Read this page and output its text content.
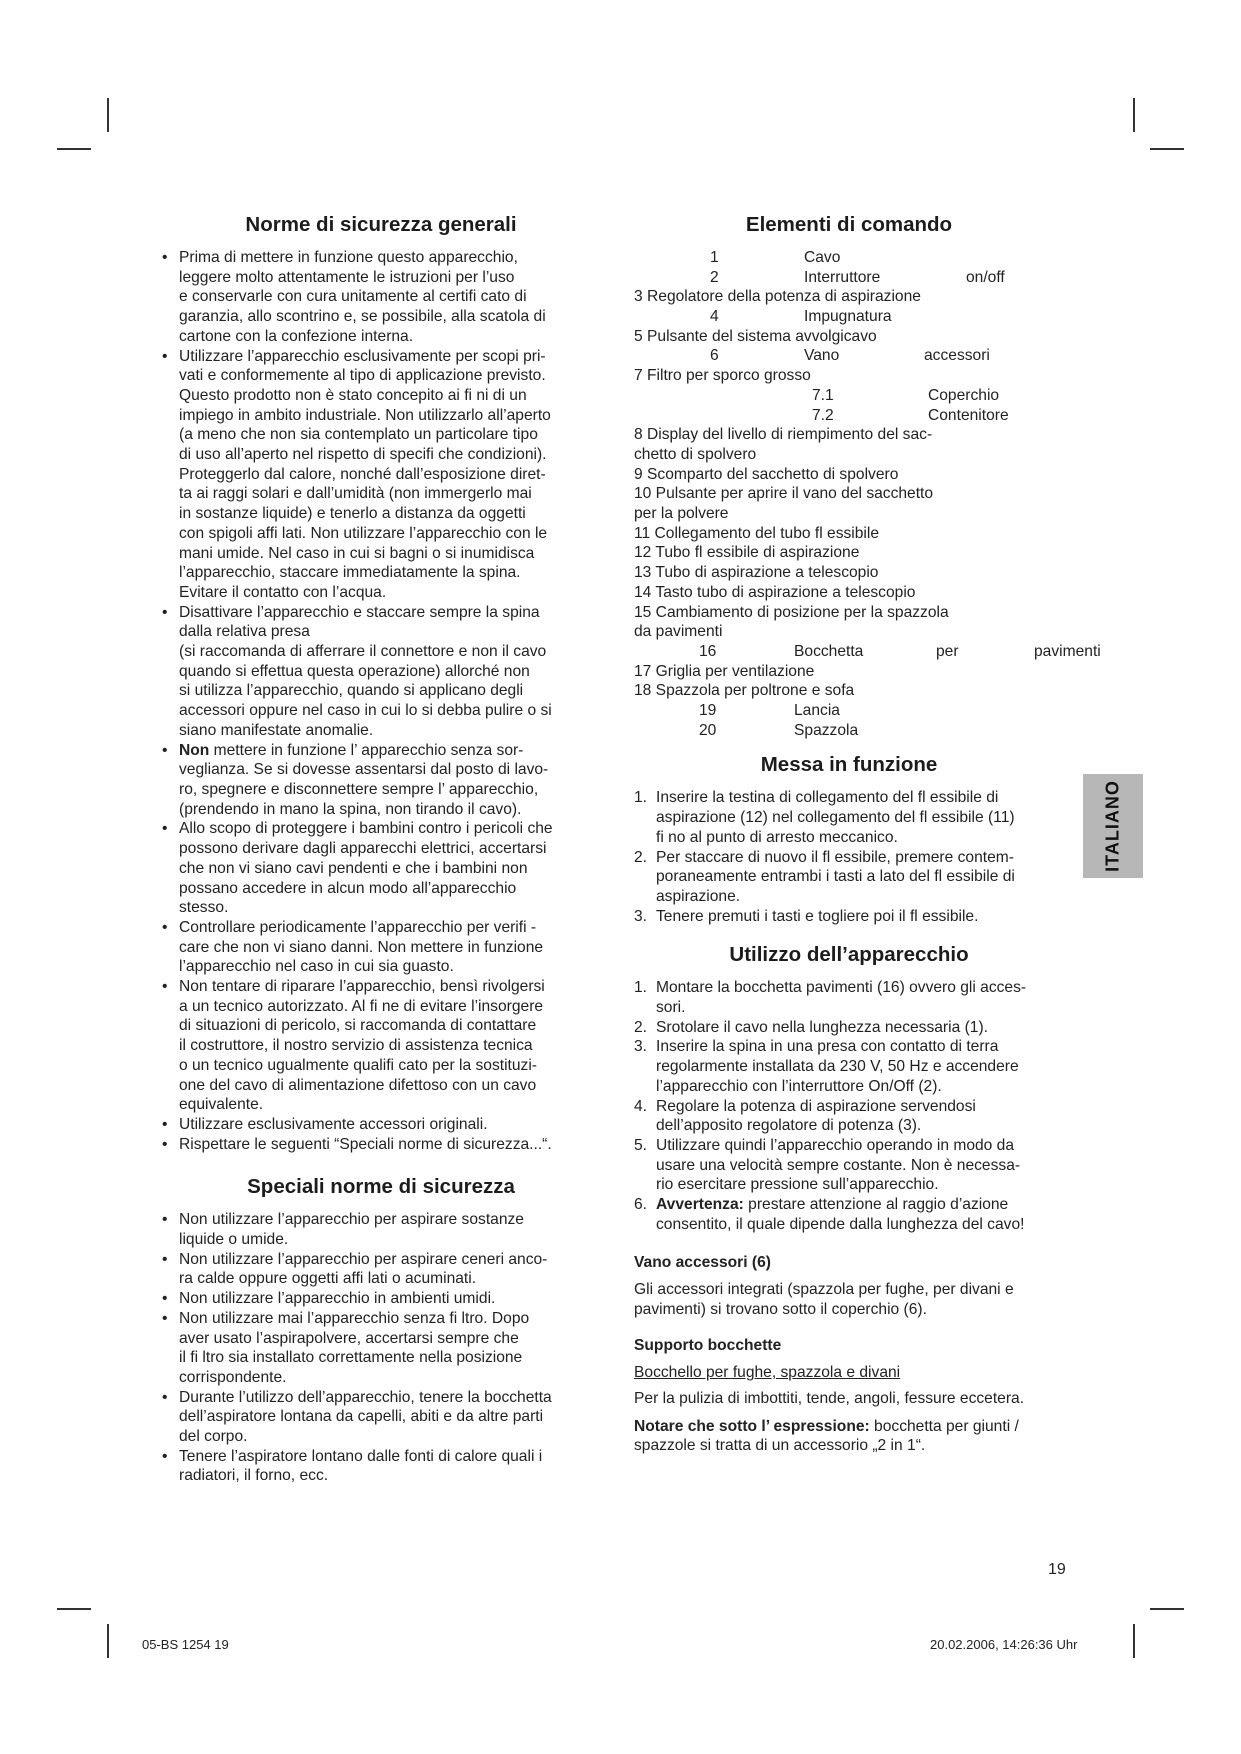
Norme di sicurezza generali
• Prima di mettere in funzione questo apparecchio,
leggere molto attentamente le istruzioni per l’uso
e conservarle con cura unitamente al certifi cato di
garanzia, allo scontrino e, se possibile, alla scatola di
cartone con la confezione interna.
• Utilizzare l’apparecchio esclusivamente per scopi pri-
vati e conformemente al tipo di applicazione previsto.
Questo prodotto non è stato concepito ai fi ni di un
impiego in ambito industriale. Non utilizzarlo all’aperto
(a meno che non sia contemplato un particolare tipo
di uso all’aperto nel rispetto di specifi che condizioni).
Proteggerlo dal calore, nonché dall’esposizione diret-
ta ai raggi solari e dall’umidità (non immergerlo mai
in sostanze liquide) e tenerlo a distanza da oggetti
con spigoli affi lati. Non utilizzare l’apparecchio con le
mani umide. Nel caso in cui si bagni o si inumidisca
l’apparecchio, staccare immediatamente la spina.
Evitare il contatto con l’acqua.
• Disattivare l’apparecchio e staccare sempre la spina
dalla relativa presa
(si raccomanda di afferrare il connettore e non il cavo
quando si effettua questa operazione) allorché non
si utilizza l’apparecchio, quando si applicano degli
accessori oppure nel caso in cui lo si debba pulire o si
siano manifestate anomalie.
• Non mettere in funzione l’ apparecchio senza sor-
veglianza. Se si dovesse assentarsi dal posto di lavo-
ro, spegnere e disconnettere sempre l’ apparecchio,
(prendendo in mano la spina, non tirando il cavo).
• Allo scopo di proteggere i bambini contro i pericoli che
possono derivare dagli apparecchi elettrici, accertarsi
che non vi siano cavi pendenti e che i bambini non
possano accedere in alcun modo all’apparecchio
stesso.
• Controllare periodicamente l’apparecchio per verifi -
care che non vi siano danni. Non mettere in funzione
l’apparecchio nel caso in cui sia guasto.
• Non tentare di riparare l’apparecchio, bensì rivolgersi
a un tecnico autorizzato. Al fi ne di evitare l’insorgere
di situazioni di pericolo, si raccomanda di contattare
il costruttore, il nostro servizio di assistenza tecnica
o un tecnico ugualmente qualifi cato per la sostituzi-
one del cavo di alimentazione difettoso con un cavo
equivalente.
• Utilizzare esclusivamente accessori originali.
• Rispettare le seguenti “Speciali norme di sicurezza...“.
Speciali norme di sicurezza
• Non utilizzare l’apparecchio per aspirare sostanze
liquide o umide.
• Non utilizzare l’apparecchio per aspirare ceneri anco-
ra calde oppure oggetti affi lati o acuminati.
• Non utilizzare l’apparecchio in ambienti umidi.
• Non utilizzare mai l’apparecchio senza fi ltro. Dopo
aver usato l’aspirapolvere, accertarsi sempre che
il fi ltro sia installato correttamente nella posizione
corrispondente.
• Durante l’utilizzo dell’apparecchio, tenere la bocchetta
dell’aspiratore lontana da capelli, abiti e da altre parti
del corpo.
• Tenere l’aspiratore lontano dalle fonti di calore quali i
radiatori, il forno, ecc.
Elementi di comando
1	Cavo
2	Interruttore	on/off
3 Regolatore della potenza di aspirazione
4	Impugnatura
5 Pulsante del sistema avvolgicavo
6	Vano	accessori
7 Filtro per sporco grosso
7.1	Coperchio
7.2	Contenitore
8 Display del livello di riempimento del sac-
chetto di spolvero
9 Scomparto del sacchetto di spolvero
10 Pulsante per aprire il vano del sacchetto
per la polvere
11 Collegamento del tubo fl essibile
12 Tubo fl essibile di aspirazione
13 Tubo di aspirazione a telescopio
14 Tasto tubo di aspirazione a telescopio
15 Cambiamento di posizione per la spazzola
da pavimenti
16	Bocchetta	per	pavimenti
17 Griglia per ventilazione
18 Spazzola per poltrone e sofa
19	Lancia
20	Spazzola
Messa in funzione
1. Inserire la testina di collegamento del fl essibile di
aspirazione (12) nel collegamento del fl essibile (11)
fi no al punto di arresto meccanico.
2. Per staccare di nuovo il fl essibile, premere contem-
poraneamente entrambi i tasti a lato del fl essibile di
aspirazione.
3. Tenere premuti i tasti e togliere poi il fl essibile.
Utilizzo dell’apparecchio
1. Montare la bocchetta pavimenti (16) ovvero gli acces-
sori.
2. Srotolare il cavo nella lunghezza necessaria (1).
3. Inserire la spina in una presa con contatto di terra
regolarmente installata da 230 V, 50 Hz e accendere
l’apparecchio con l’interruttore On/Off (2).
4. Regolare la potenza di aspirazione servendosi
dell’apposito regolatore di potenza (3).
5. Utilizzare quindi l’apparecchio operando in modo da
usare una velocità sempre costante. Non è necessa-
rio esercitare pressione sull’apparecchio.
6. Avvertenza: prestare attenzione al raggio d’azione
consentito, il quale dipende dalla lunghezza del cavo!
Vano accessori (6)
Gli accessori integrati (spazzola per fughe, per divani e
pavimenti) si trovano sotto il coperchio (6).
Supporto bocchette
Bocchello per fughe, spazzola e divani
Per la pulizia di imbottiti, tende, angoli, fessure eccetera.
Notare che sotto l’ espressione: bocchetta per giunti /
spazzole si tratta di un accessorio „2 in 1“.
ITALIANO
19
05-BS 1254 19	20.02.2006, 14:26:36 Uhr
